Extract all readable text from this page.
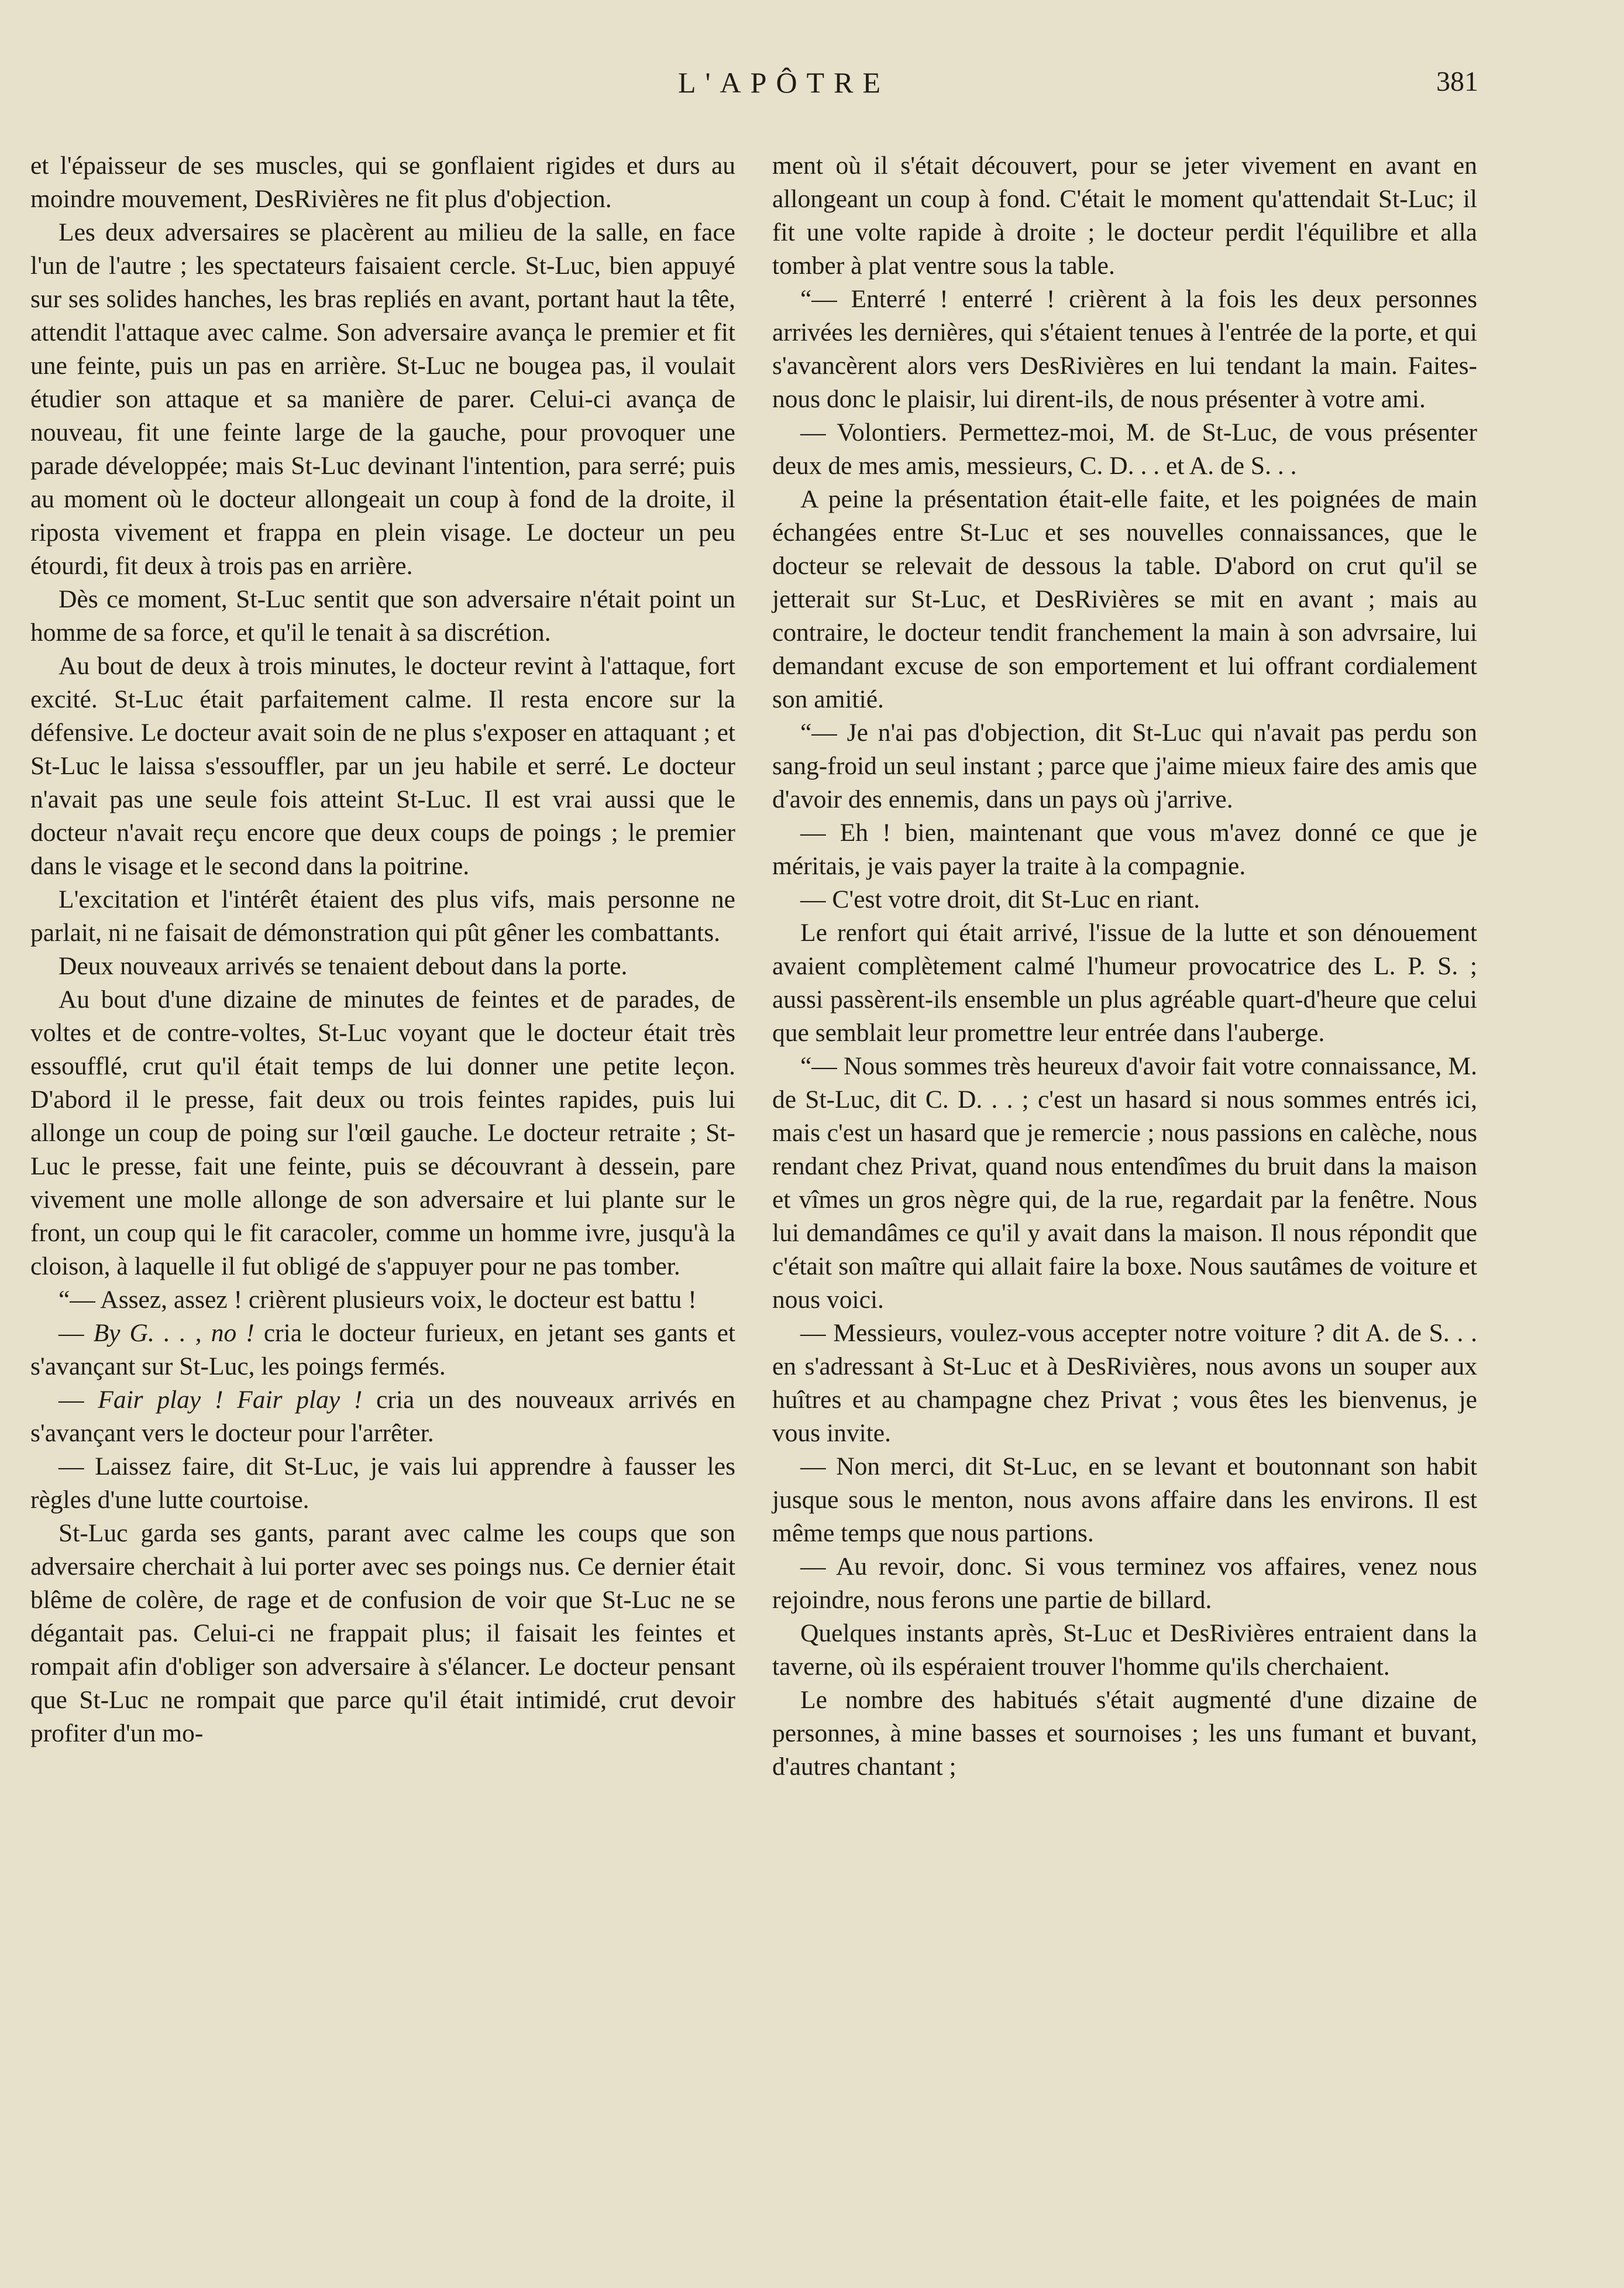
L'APÔTRE	381

et l'épaisseur de ses muscles, qui se gonflaient rigides et durs au moindre mouvement, DesRivières ne fit plus d'objection.

Les deux adversaires se placèrent au milieu de la salle, en face l'un de l'autre ; les spectateurs faisaient cercle. St-Luc, bien appuyé sur ses solides hanches, les bras repliés en avant, portant haut la tête, attendit l'attaque avec calme. Son adversaire avança le premier et fit une feinte, puis un pas en arrière. St-Luc ne bougea pas, il voulait étudier son attaque et sa manière de parer. Celui-ci avança de nouveau, fit une feinte large de la gauche, pour provoquer une parade développée; mais St-Luc devinant l'intention, para serré; puis au moment où le docteur allongeait un coup à fond de la droite, il riposta vivement et frappa en plein visage. Le docteur un peu étourdi, fit deux à trois pas en arrière.

Dès ce moment, St-Luc sentit que son adversaire n'était point un homme de sa force, et qu'il le tenait à sa discrétion.

Au bout de deux à trois minutes, le docteur revint à l'attaque, fort excité. St-Luc était parfaitement calme. Il resta encore sur la défensive. Le docteur avait soin de ne plus s'exposer en attaquant ; et St-Luc le laissa s'essouffler, par un jeu habile et serré. Le docteur n'avait pas une seule fois atteint St-Luc. Il est vrai aussi que le docteur n'avait reçu encore que deux coups de poings ; le premier dans le visage et le second dans la poitrine.

L'excitation et l'intérêt étaient des plus vifs, mais personne ne parlait, ni ne faisait de démonstration qui pût gêner les combattants.

Deux nouveaux arrivés se tenaient debout dans la porte.

Au bout d'une dizaine de minutes de feintes et de parades, de voltes et de contre-voltes, St-Luc voyant que le docteur était très essoufflé, crut qu'il était temps de lui donner une petite leçon. D'abord il le presse, fait deux ou trois feintes rapides, puis lui allonge un coup de poing sur l'œil gauche. Le docteur retraite ; St-Luc le presse, fait une feinte, puis se découvrant à dessein, pare vivement une molle allonge de son adversaire et lui plante sur le front, un coup qui le fit caracoler, comme un homme ivre, jusqu'à la cloison, à laquelle il fut obligé de s'appuyer pour ne pas tomber.

“— Assez, assez ! crièrent plusieurs voix, le docteur est battu !

— By G. . . , no ! cria le docteur furieux, en jetant ses gants et s'avançant sur St-Luc, les poings fermés.

— Fair play ! Fair play ! cria un des nouveaux arrivés en s'avançant vers le docteur pour l'arrêter.

— Laissez faire, dit St-Luc, je vais lui apprendre à fausser les règles d'une lutte courtoise.

St-Luc garda ses gants, parant avec calme les coups que son adversaire cherchait à lui porter avec ses poings nus. Ce dernier était blême de colère, de rage et de confusion de voir que St-Luc ne se dégantait pas. Celui-ci ne frappait plus; il faisait les feintes et rompait afin d'obliger son adversaire à s'élancer. Le docteur pensant que St-Luc ne rompait que parce qu'il était intimidé, crut devoir profiter d'un mo-

ment où il s'était découvert, pour se jeter vivement en avant en allongeant un coup à fond. C'était le moment qu'attendait St-Luc; il fit une volte rapide à droite ; le docteur perdit l'équilibre et alla tomber à plat ventre sous la table.

“— Enterré ! enterré ! crièrent à la fois les deux personnes arrivées les dernières, qui s'étaient tenues à l'entrée de la porte, et qui s'avancèrent alors vers DesRivières en lui tendant la main. Faites-nous donc le plaisir, lui dirent-ils, de nous présenter à votre ami.

— Volontiers. Permettez-moi, M. de St-Luc, de vous présenter deux de mes amis, messieurs, C. D. . . et A. de S. . .

A peine la présentation était-elle faite, et les poignées de main échangées entre St-Luc et ses nouvelles connaissances, que le docteur se relevait de dessous la table. D'abord on crut qu'il se jetterait sur St-Luc, et DesRivières se mit en avant ; mais au contraire, le docteur tendit franchement la main à son advrsaire, lui demandant excuse de son emportement et lui offrant cordialement son amitié.

“— Je n'ai pas d'objection, dit St-Luc qui n'avait pas perdu son sang-froid un seul instant ; parce que j'aime mieux faire des amis que d'avoir des ennemis, dans un pays où j'arrive.

— Eh ! bien, maintenant que vous m'avez donné ce que je méritais, je vais payer la traite à la compagnie.

— C'est votre droit, dit St-Luc en riant.

Le renfort qui était arrivé, l'issue de la lutte et son dénouement avaient complètement calmé l'humeur provocatrice des L. P. S. ; aussi passèrent-ils ensemble un plus agréable quart-d'heure que celui que semblait leur promettre leur entrée dans l'auberge.

“— Nous sommes très heureux d'avoir fait votre connaissance, M. de St-Luc, dit C. D. . . ; c'est un hasard si nous sommes entrés ici, mais c'est un hasard que je remercie ; nous passions en calèche, nous rendant chez Privat, quand nous entendîmes du bruit dans la maison et vîmes un gros nègre qui, de la rue, regardait par la fenêtre. Nous lui demandâmes ce qu'il y avait dans la maison. Il nous répondit que c'était son maître qui allait faire la boxe. Nous sautâmes de voiture et nous voici.

— Messieurs, voulez-vous accepter notre voiture ? dit A. de S. . . en s'adressant à St-Luc et à DesRivières, nous avons un souper aux huîtres et au champagne chez Privat ; vous êtes les bienvenus, je vous invite.

— Non merci, dit St-Luc, en se levant et boutonnant son habit jusque sous le menton, nous avons affaire dans les environs. Il est même temps que nous partions.

— Au revoir, donc. Si vous terminez vos affaires, venez nous rejoindre, nous ferons une partie de billard.

Quelques instants après, St-Luc et DesRivières entraient dans la taverne, où ils espéraient trouver l'homme qu'ils cherchaient.

Le nombre des habitués s'était augmenté d'une dizaine de personnes, à mine basses et sournoises ; les uns fumant et buvant, d'autres chantant ;
